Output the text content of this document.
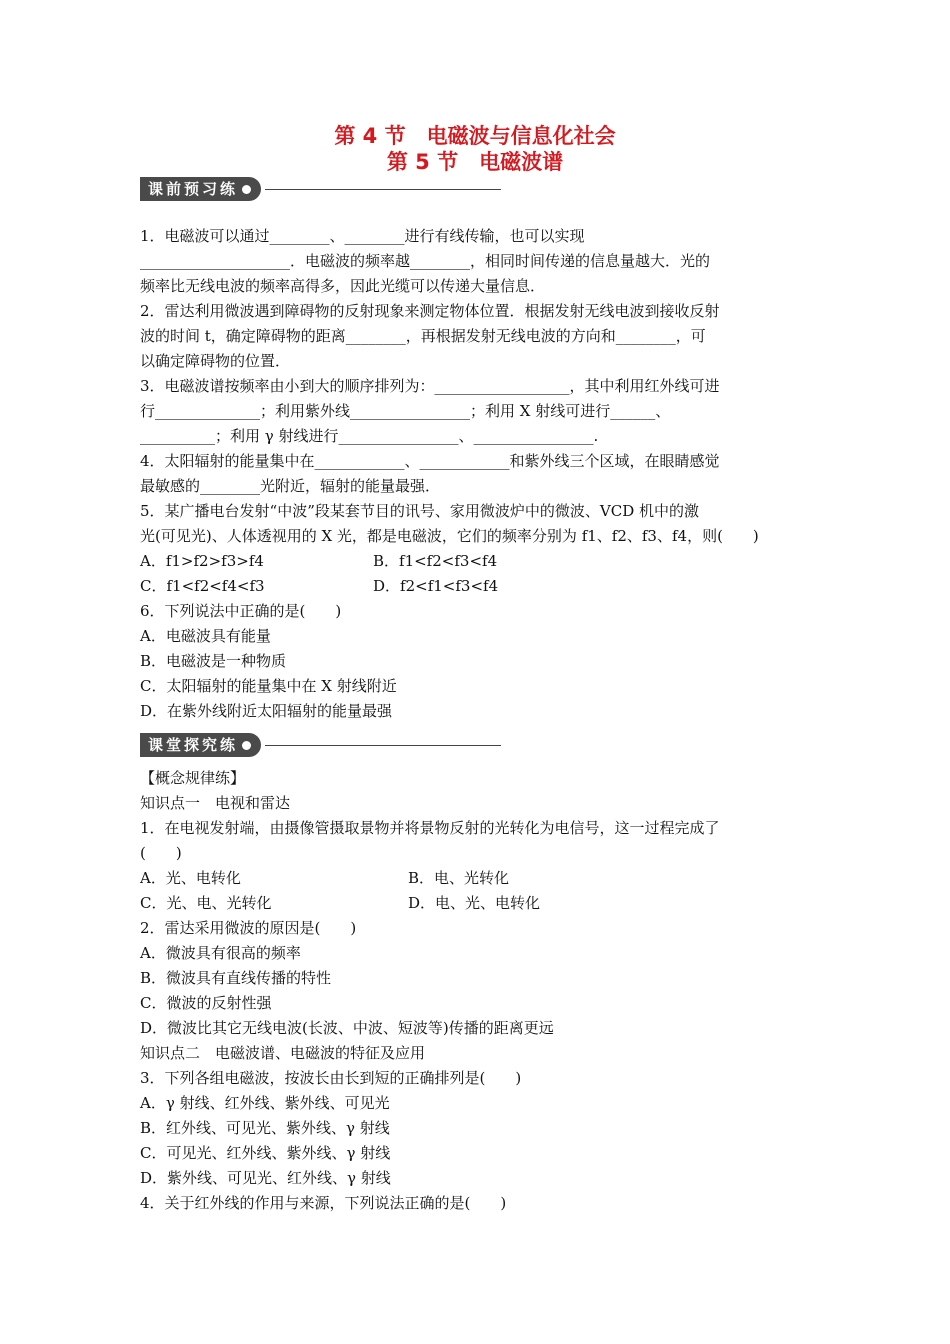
第 4 节　电磁波与信息化社会
第 5 节　电磁波谱
课前预习练
1．电磁波可以通过________、________进行有线传输，也可以实现
____________________．电磁波的频率越________，相同时间传递的信息量越大．光的
频率比无线电波的频率高得多，因此光缆可以传递大量信息．
2．雷达利用微波遇到障碍物的反射现象来测定物体位置．根据发射无线电波到接收反射
波的时间 t，确定障碍物的距离________，再根据发射无线电波的方向和________，可
以确定障碍物的位置．
3．电磁波谱按频率由小到大的顺序排列为：__________________，其中利用红外线可进
行______________；利用紫外线________________；利用 X 射线可进行______、
__________；利用 γ 射线进行________________、________________.
4．太阳辐射的能量集中在____________、____________和紫外线三个区域，在眼睛感觉
最敏感的________光附近，辐射的能量最强．
5．某广播电台发射“中波”段某套节目的讯号、家用微波炉中的微波、VCD 机中的激
光(可见光)、人体透视用的 X 光，都是电磁波，它们的频率分别为 f1、f2、f3、f4，则(　　)
A．f1>f2>f3>f4	B．f1<f2<f3<f4
C．f1<f2<f4<f3	D．f2<f1<f3<f4
6．下列说法中正确的是(　　)
A．电磁波具有能量
B．电磁波是一种物质
C．太阳辐射的能量集中在 X 射线附近
D．在紫外线附近太阳辐射的能量最强
课堂探究练
【概念规律练】
知识点一　电视和雷达
1．在电视发射端，由摄像管摄取景物并将景物反射的光转化为电信号，这一过程完成了
(　　)
A．光、电转化	B．电、光转化
C．光、电、光转化	D．电、光、电转化
2．雷达采用微波的原因是(　　)
A．微波具有很高的频率
B．微波具有直线传播的特性
C．微波的反射性强
D．微波比其它无线电波(长波、中波、短波等)传播的距离更远
知识点二　电磁波谱、电磁波的特征及应用
3．下列各组电磁波，按波长由长到短的正确排列是(　　)
A．γ 射线、红外线、紫外线、可见光
B．红外线、可见光、紫外线、γ 射线
C．可见光、红外线、紫外线、γ 射线
D．紫外线、可见光、红外线、γ 射线
4．关于红外线的作用与来源，下列说法正确的是(　　)
